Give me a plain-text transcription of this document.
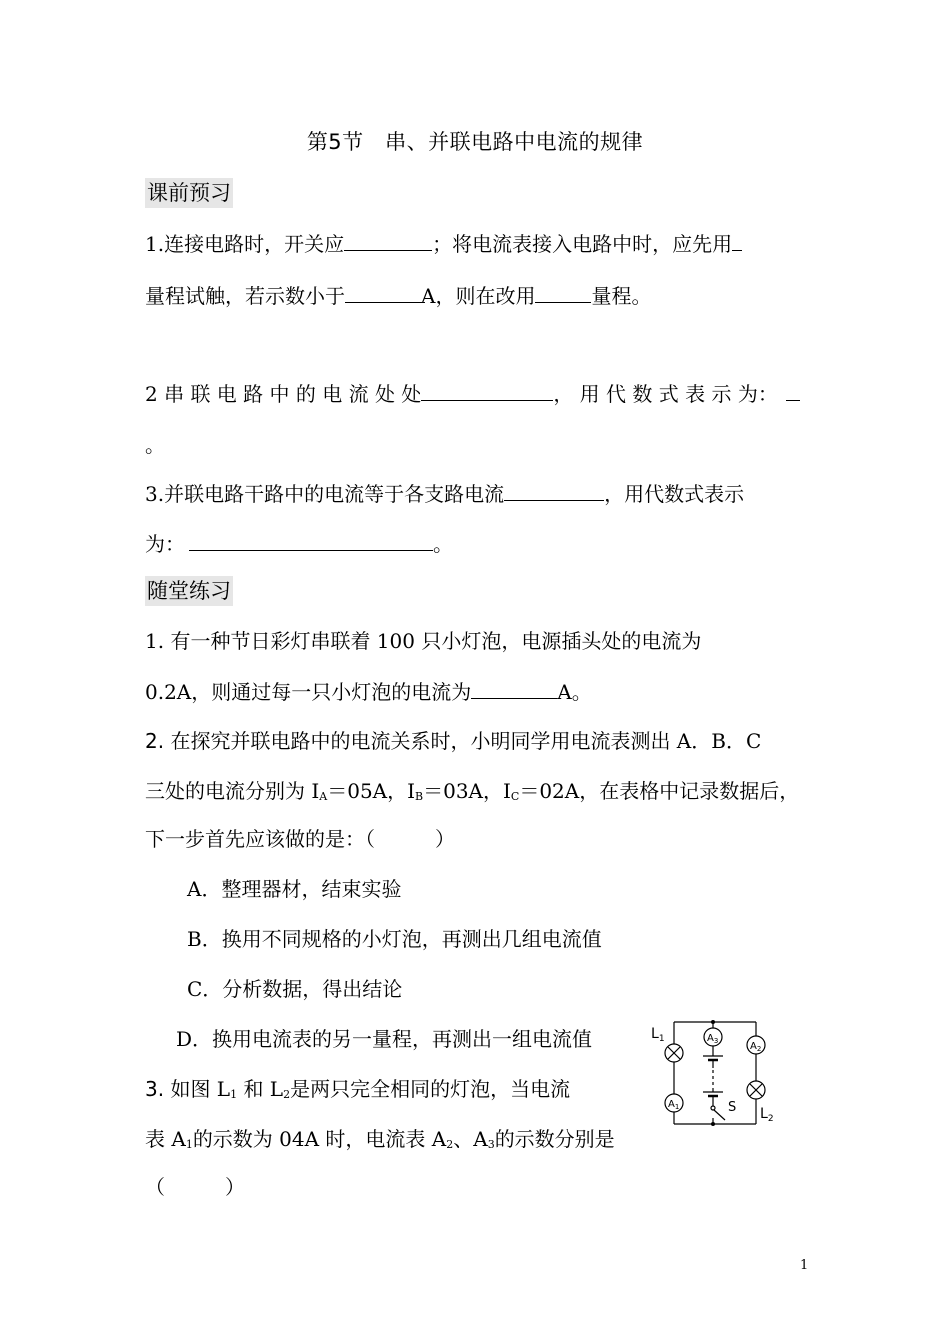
第5节　串、并联电路中电流的规律
课前预习
1.连接电路时，开关应	；将电流表接入电路中时，应先用
量程试触，若示数小于	A，则在改用	量程。
2 串 联 电 路 中 的 电 流 处 处	， 用 代 数 式 表 示 为：
。
3.并联电路干路中的电流等于各支路电流	，用代数式表示
为：	。
随堂练习
1. 有一种节日彩灯串联着 100 只小灯泡，电源插头处的电流为
0.2A，则通过每一只小灯泡的电流为	A。
2. 在探究并联电路中的电流关系时，小明同学用电流表测出 A．B．C
三处的电流分别为 IA＝05A，IB＝03A，IC＝02A，在表格中记录数据后，
下一步首先应该做的是：（　　　）
A．整理器材，结束实验
B．换用不同规格的小灯泡，再测出几组电流值
C．分析数据，得出结论
D．换用电流表的另一量程，再测出一组电流值
3. 如图 L1 和 L2是两只完全相同的灯泡，当电流
表 A1的示数为 04A 时，电流表 A2、A3的示数分别是
（　　　）
$L_1$
$A_1$
$A_3$	$A_2$
S $L_2$
1
